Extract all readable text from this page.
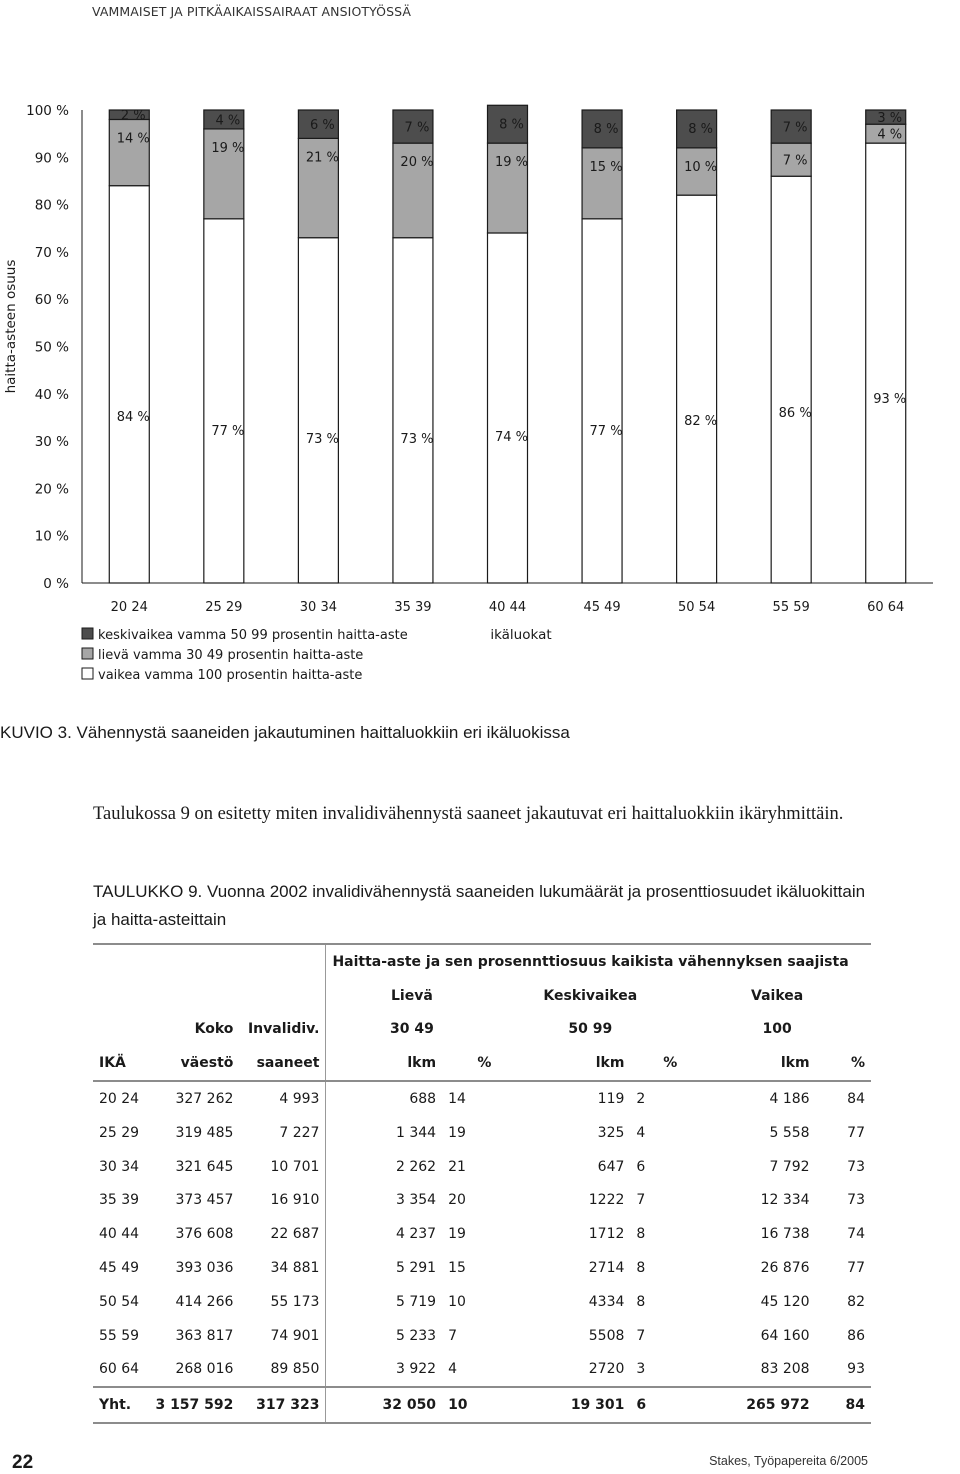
VAMMAISET JA PITKÄAIKAISSAIRAAT ANSIOTYÖSSÄ
0 %
10 %
20 %
30 %
40 %
50 %
60 %
70 %
80 %
90 %
100 %
haitta-asteen osuus
84 %
14 %
2 %
20 24
77 %
19 %
4 %
25 29
73 %
21 %
6 %
30 34
73 %
20 %
7 %
35 39
74 %
19 %
8 %
40 44
77 %
15 %
8 %
45 49
82 %
10 %
8 %
50 54
86 %
7 %
7 %
55 59
93 %
4 %
3 %
60 64
ikäluokat
keskivaikea vamma 50 99 prosentin haitta-aste
lievä vamma 30 49 prosentin haitta-aste
vaikea vamma 100 prosentin haitta-aste
KUVIO 3. Vähennystä saaneiden jakautuminen haittaluokkiin eri ikäluokissa
Taulukossa 9 on esitetty miten invalidivähennystä saaneet jakautuvat eri haittaluokkiin ikäryhmittäin.
TAULUKKO 9. Vuonna 2002 invalidivähennystä saaneiden lukumäärät ja prosenttiosuudet ikäluokittain ja haitta-asteittain
			Haitta-aste ja sen prosennttiosuus kaikista vähennyksen saajista					
			Lievä		Keskivaikea		Vaikea	
	Koko	Invalidiv.	30 49		50 99		100	
IKÄ	väestö	saaneet	lkm	%	lkm	%	lkm	%
20 24	327 262	4 993	688	14	119	2	4 186	84
25 29	319 485	7 227	1 344	19	325	4	5 558	77
30 34	321 645	10 701	2 262	21	647	6	7 792	73
35 39	373 457	16 910	3 354	20	1222	7	12 334	73
40 44	376 608	22 687	4 237	19	1712	8	16 738	74
45 49	393 036	34 881	5 291	15	2714	8	26 876	77
50 54	414 266	55 173	5 719	10	4334	8	45 120	82
55 59	363 817	74 901	5 233	7	5508	7	64 160	86
60 64	268 016	89 850	3 922	4	2720	3	83 208	93
Yht.	3 157 592	317 323	32 050	10	19 301	6	265 972	84
22	Stakes, Työpapereita 6/2005
